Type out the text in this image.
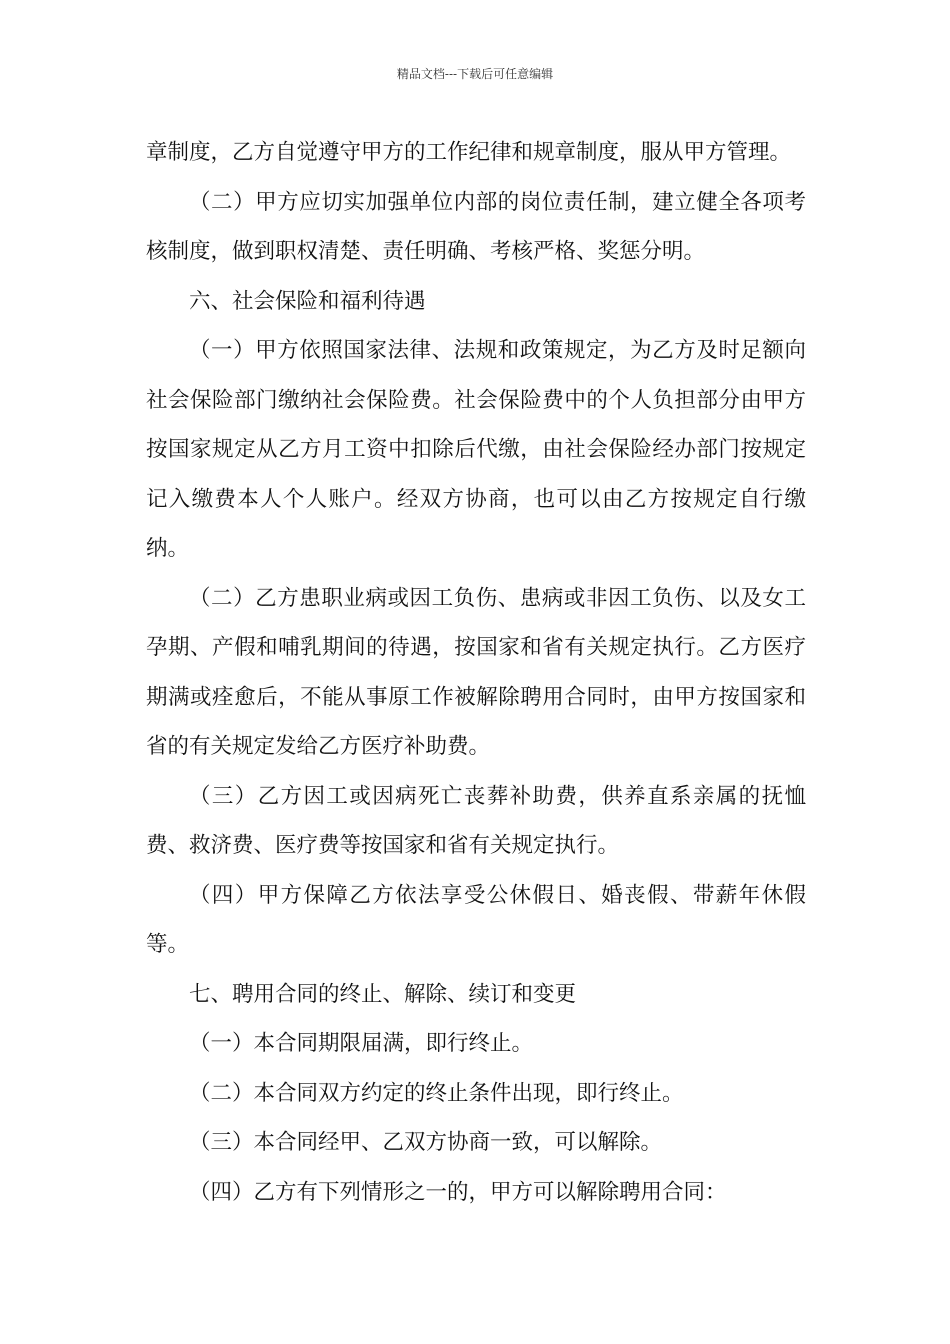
精品文档---下载后可任意编辑

章制度，乙方自觉遵守甲方的工作纪律和规章制度，服从甲方管理。

（二）甲方应切实加强单位内部的岗位责任制，建立健全各项考核制度，做到职权清楚、责任明确、考核严格、奖惩分明。

六、社会保险和福利待遇

（一）甲方依照国家法律、法规和政策规定，为乙方及时足额向社会保险部门缴纳社会保险费。社会保险费中的个人负担部分由甲方按国家规定从乙方月工资中扣除后代缴，由社会保险经办部门按规定记入缴费本人个人账户。经双方协商，也可以由乙方按规定自行缴纳。

（二）乙方患职业病或因工负伤、患病或非因工负伤、以及女工孕期、产假和哺乳期间的待遇，按国家和省有关规定执行。乙方医疗期满或痊愈后，不能从事原工作被解除聘用合同时，由甲方按国家和省的有关规定发给乙方医疗补助费。

（三）乙方因工或因病死亡丧葬补助费，供养直系亲属的抚恤费、救济费、医疗费等按国家和省有关规定执行。

（四）甲方保障乙方依法享受公休假日、婚丧假、带薪年休假等。

七、聘用合同的终止、解除、续订和变更

（一）本合同期限届满，即行终止。

（二）本合同双方约定的终止条件出现，即行终止。

（三）本合同经甲、乙双方协商一致，可以解除。

（四）乙方有下列情形之一的，甲方可以解除聘用合同：
